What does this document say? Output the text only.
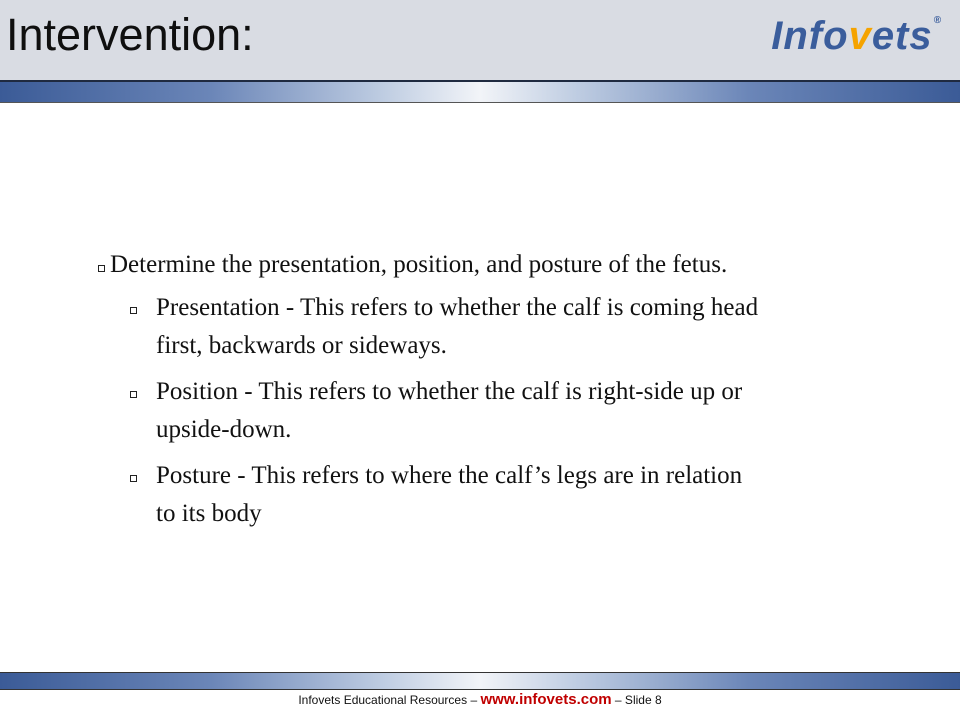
Intervention:	Infovets®
Determine the presentation, position, and posture of the fetus.
Presentation - This refers to whether the calf is coming head
first, backwards or sideways.
Position - This refers to whether the calf is right-side up or
upside-down.
Posture - This refers to where the calf’s legs are in relation
to its body
Infovets Educational Resources – www.infovets.com – Slide 8
